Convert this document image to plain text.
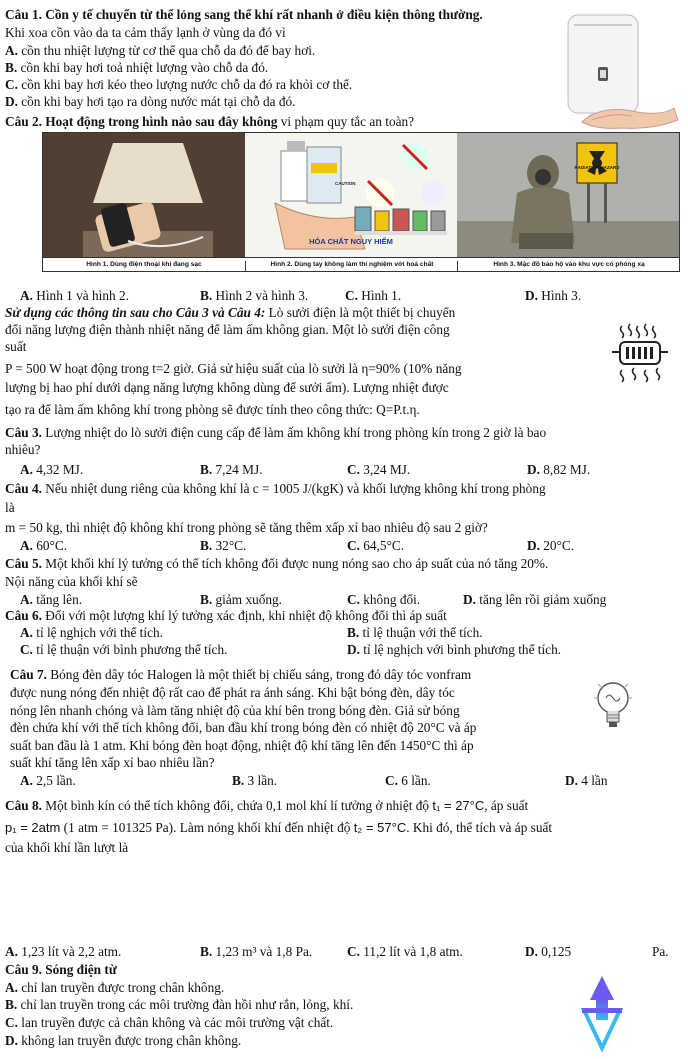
Câu 1. Cồn y tế chuyển từ thể lỏng sang thể khí rất nhanh ở điều kiện thông thường.
Khi xoa cồn vào da ta cảm thấy lạnh ở vùng da đó vì
A. cồn thu nhiệt lượng từ cơ thể qua chỗ da đó để bay hơi.
B. cồn khi bay hơi toả nhiệt lượng vào chỗ da đó.
C. cồn khi bay hơi kéo theo lượng nước chỗ da đó ra khỏi cơ thể.
D. cồn khi bay hơi tạo ra dòng nước mát tại chỗ da đó.
Câu 2. Hoạt động trong hình nào sau đây không vi phạm quy tắc an toàn?
CAUTION
HÓA CHẤT NGUY HIỂM
RADIATION HAZARD
Hình 1. Dùng điện thoại khi đang sạc	Hình 2. Dùng tay không làm thí nghiệm với hoá chất	Hình 3. Mặc đồ bảo hộ vào khu vực có phóng xạ
A. Hình 1 và hình 2.	B. Hình 2 và hình 3.	C. Hình 1.	D. Hình 3.
Sử dụng các thông tin sau cho Câu 3 và Câu 4: Lò sưởi điện là một thiết bị chuyển
đổi năng lượng điện thành nhiệt năng để làm ấm không gian. Một lò sưởi điện công
suất
P = 500 W hoạt động trong t=2 giờ. Giả sử hiệu suất của lò sưởi là η=90% (10% năng
lượng bị hao phí dưới dạng năng lượng không dùng để sưởi ấm). Lượng nhiệt được
tạo ra để làm ấm không khí trong phòng sẽ được tính theo công thức: Q=P.t.η.
Câu 3. Lượng nhiệt do lò sưởi điện cung cấp để làm ấm không khí trong phòng kín trong 2 giờ là bao
nhiêu?
A. 4,32 MJ.	B. 7,24 MJ.	C. 3,24 MJ.	D. 8,82 MJ.
Câu 4. Nếu nhiệt dung riêng của không khí là c = 1005 J/(kgK) và khối lượng không khí trong phòng
là
m = 50 kg, thì nhiệt độ không khí trong phòng sẽ tăng thêm xấp xỉ bao nhiêu độ sau 2 giờ?
A. 60°C.	B. 32°C.	C. 64,5°C.	D. 20°C.
Câu 5. Một khối khí lý tưởng có thể tích không đổi được nung nóng sao cho áp suất của nó tăng 20%.
Nội năng của khối khí sẽ
A. tăng lên.	B. giảm xuống.	C. không đổi.	D. tăng lên rồi giảm xuống
Câu 6. Đối với một lượng khí lý tưởng xác định, khi nhiệt độ không đổi thì áp suất
A. tỉ lệ nghịch với thể tích.	B. tỉ lệ thuận với thể tích.
C. tỉ lệ thuận với bình phương thể tích.	D. tỉ lệ nghịch với bình phương thể tích.
Câu 7. Bóng đèn dây tóc Halogen là một thiết bị chiếu sáng, trong đó dây tóc vonfram
được nung nóng đến nhiệt độ rất cao để phát ra ánh sáng. Khi bật bóng đèn, dây tóc
nóng lên nhanh chóng và làm tăng nhiệt độ của khí bên trong bóng đèn. Giả sử bóng
đèn chứa khí với thể tích không đổi, ban đầu khí trong bóng đèn có nhiệt độ 20°C và áp
suất ban đầu là 1 atm. Khi bóng đèn hoạt động, nhiệt độ khí tăng lên đến 1450°C thì áp
suất khí tăng lên xấp xỉ bao nhiêu lần?
A. 2,5 lần.	B. 3 lần.	C. 6 lần.	D. 4 lần
Câu 8. Một bình kín có thể tích không đổi, chứa 0,1 mol khí lí tưởng ở nhiệt độ t₁ = 27°C, áp suất
p₁ = 2atm (1 atm = 101325 Pa). Làm nóng khối khí đến nhiệt độ t₂ = 57°C. Khi đó, thể tích và áp suất
của khối khí lần lượt là
A. 1,23 lít và 2,2 atm.	B. 1,23 m³ và 1,8 Pa.	C. 11,2 lít và 1,8 atm.	D. 0,125	Pa.
Câu 9. Sóng điện từ
A. chỉ lan truyền được trong chân không.
B. chỉ lan truyền trong các môi trường đàn hồi như rắn, lỏng, khí.
C. lan truyền được cả chân không và các môi trường vật chất.
D. không lan truyền được trong chân không.
